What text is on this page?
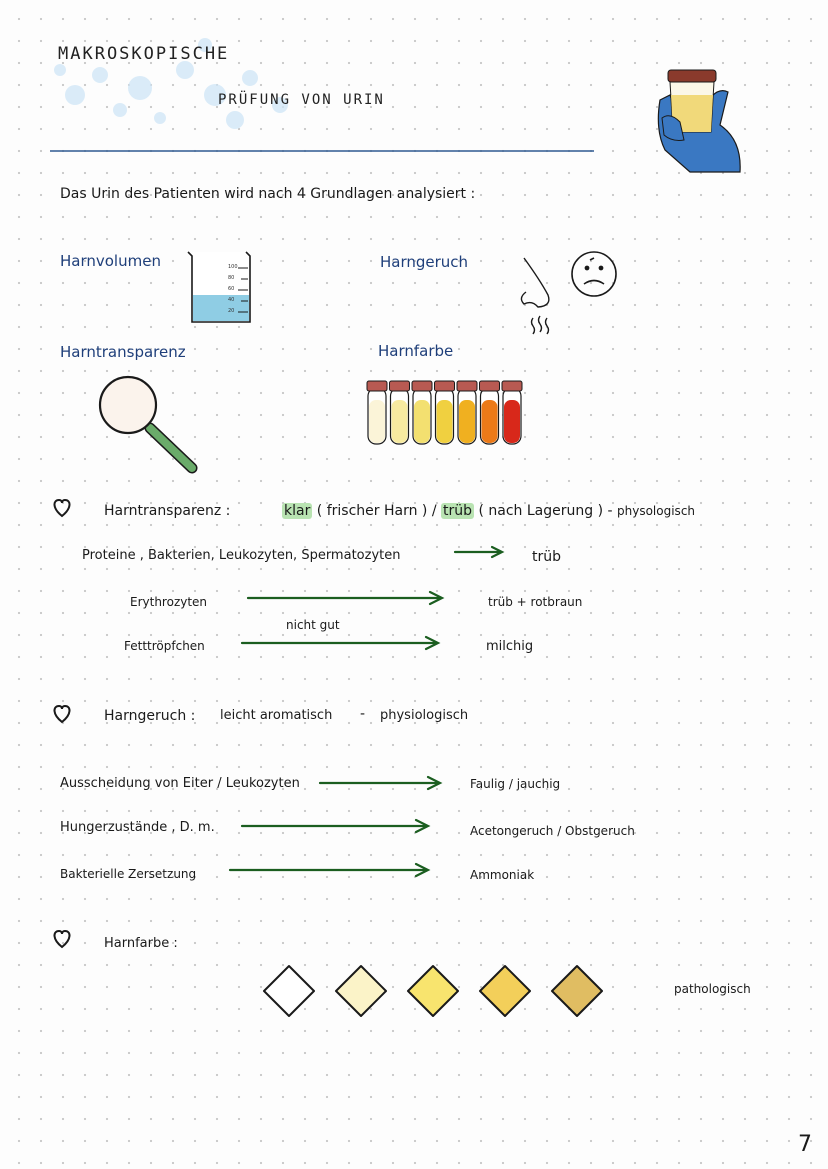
MAKROSKOPISCHE
PRÜFUNG VON URIN
Das Urin des Patienten wird nach 4 Grundlagen analysiert :
100
80
60
40
20
Harnvolumen	Harngeruch
Harntransparenz	Harnfarbe
Harntransparenz :	klar ( frischer Harn ) / trüb ( nach Lagerung ) - physologisch
Proteine , Bakterien, Leukozyten, Spermatozyten	trüb
Erythrozyten	trüb + rotbraun
nicht gut
Fetttröpfchen	milchig
Harngeruch : leicht aromatisch - physiologisch
Ausscheidung von Eiter / Leukozyten	Faulig / jauchig
Hungerzustände , D. m.	Acetongeruch / Obstgeruch
Bakterielle Zersetzung	Ammoniak
Harnfarbe :
pathologisch
7
